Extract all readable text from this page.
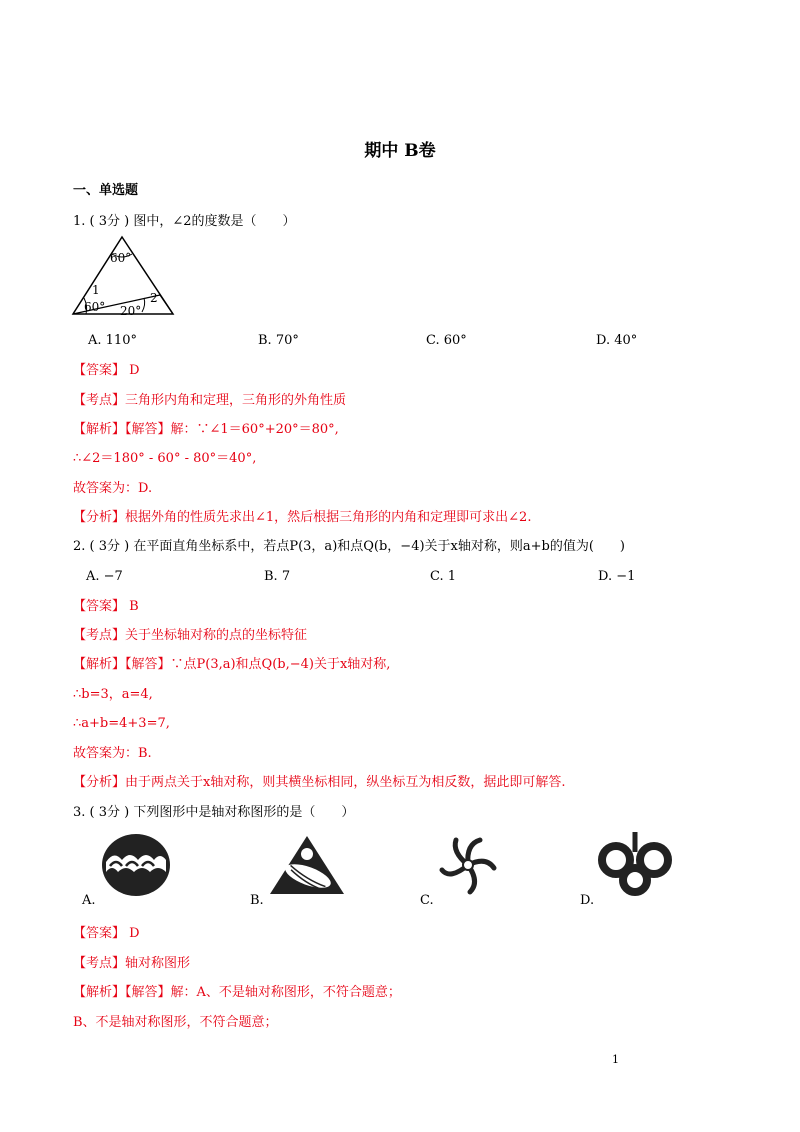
期中 B卷
一、单选题
1. ( 3分 ) 图中，∠2的度数是（　　）
60°
1
60° 20°
2
A. 110°	B. 70°	C. 60°	D. 40°
【答案】 D
【考点】三角形内角和定理，三角形的外角性质
【解析】【解答】解：∵∠1＝60°+20°＝80°,
∴∠2＝180° - 60° - 80°＝40°,
故答案为：D.
【分析】根据外角的性质先求出∠1，然后根据三角形的内角和定理即可求出∠2.
2. ( 3分 ) 在平面直角坐标系中，若点P(3，a)和点Q(b，−4)关于x轴对称，则a+b的值为(　　)
A. −7	B. 7	C. 1	D. −1
【答案】 B
【考点】关于坐标轴对称的点的坐标特征
【解析】【解答】∵点P(3,a)和点Q(b,−4)关于x轴对称,
∴b=3，a=4,
∴a+b=4+3=7,
故答案为：B.
【分析】由于两点关于x轴对称，则其横坐标相同，纵坐标互为相反数，据此即可解答.
3. ( 3分 ) 下列图形中是轴对称图形的是（　　）
A.	B.	C.	D.
【答案】 D
【考点】轴对称图形
【解析】【解答】解：A、不是轴对称图形，不符合题意；
B、不是轴对称图形，不符合题意；
1
